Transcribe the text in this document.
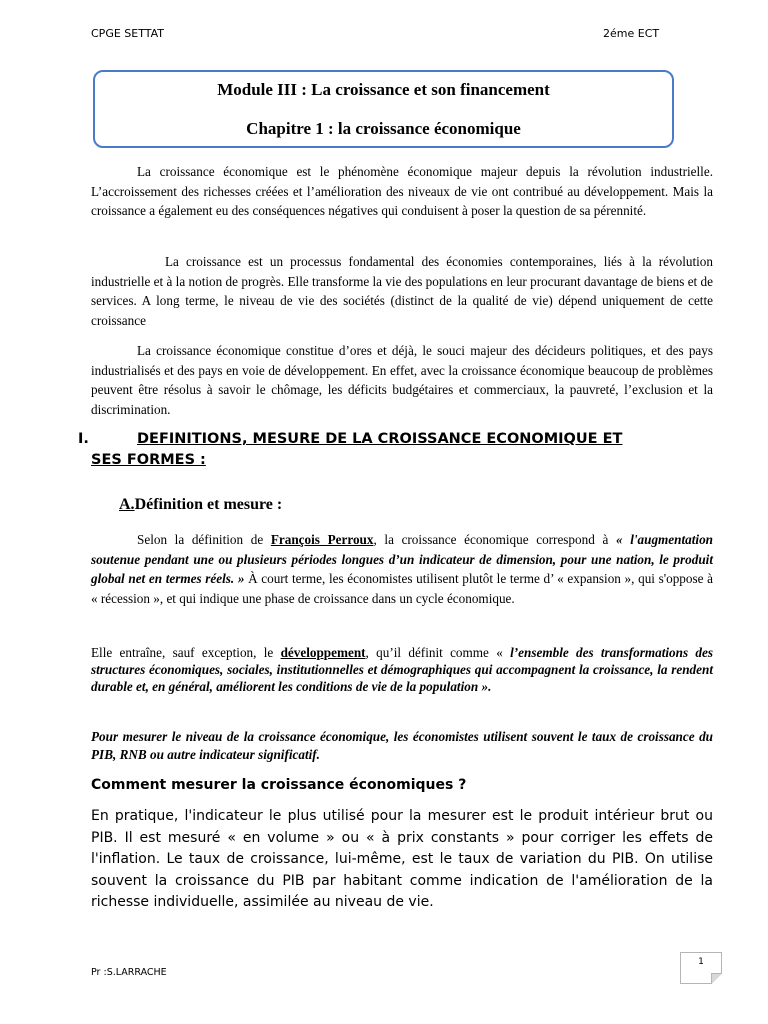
CPGE SETTAT	2éme ECT
Module III : La croissance et son financement
Chapitre 1 : la croissance économique

La croissance économique est le phénomène économique majeur depuis la révolution industrielle. L’accroissement des richesses créées et l’amélioration des niveaux de vie ont contribué au développement. Mais la croissance a également eu des conséquences négatives qui conduisent à poser la question de sa pérennité.

La croissance est un processus fondamental des économies contemporaines, liés à la révolution industrielle et à la notion de progrès. Elle transforme la vie des populations en leur procurant davantage de biens et de services. A long terme, le niveau de vie des sociétés (distinct de la qualité de vie) dépend uniquement de cette croissance

La croissance économique constitue d’ores et déjà, le souci majeur des décideurs politiques, et des pays industrialisés et des pays en voie de développement. En effet, avec la croissance économique beaucoup de problèmes peuvent être résolus à savoir le chômage, les déficits budgétaires et commerciaux, la pauvreté, l’exclusion et la discrimination.

I.	DEFINITIONS, MESURE DE LA CROISSANCE ECONOMIQUE ET
SES FORMES :
A.Définition et mesure :

Selon la définition de François Perroux, la croissance économique correspond à « l'augmentation soutenue pendant une ou plusieurs périodes longues d’un indicateur de dimension, pour une nation, le produit global net en termes réels. » À court terme, les économistes utilisent plutôt le terme d’ « expansion », qui s'oppose à « récession », et qui indique une phase de croissance dans un cycle économique.

Elle entraîne, sauf exception, le développement, qu’il définit comme « l’ensemble des transformations des structures économiques, sociales, institutionnelles et démographiques qui accompagnent la croissance, la rendent durable et, en général, améliorent les conditions de vie de la population ».

Pour mesurer le niveau de la croissance économique, les économistes utilisent souvent le taux de croissance du PIB, RNB ou autre indicateur significatif.

Comment mesurer la croissance économiques ?

En pratique, l'indicateur le plus utilisé pour la mesurer est le produit intérieur brut ou PIB. Il est mesuré « en volume » ou « à prix constants » pour corriger les effets de l'inflation. Le taux de croissance, lui-même, est le taux de variation du PIB. On utilise souvent la croissance du PIB par habitant comme indication de l'amélioration de la richesse individuelle, assimilée au niveau de vie.

Pr :S.LARRACHE
1
